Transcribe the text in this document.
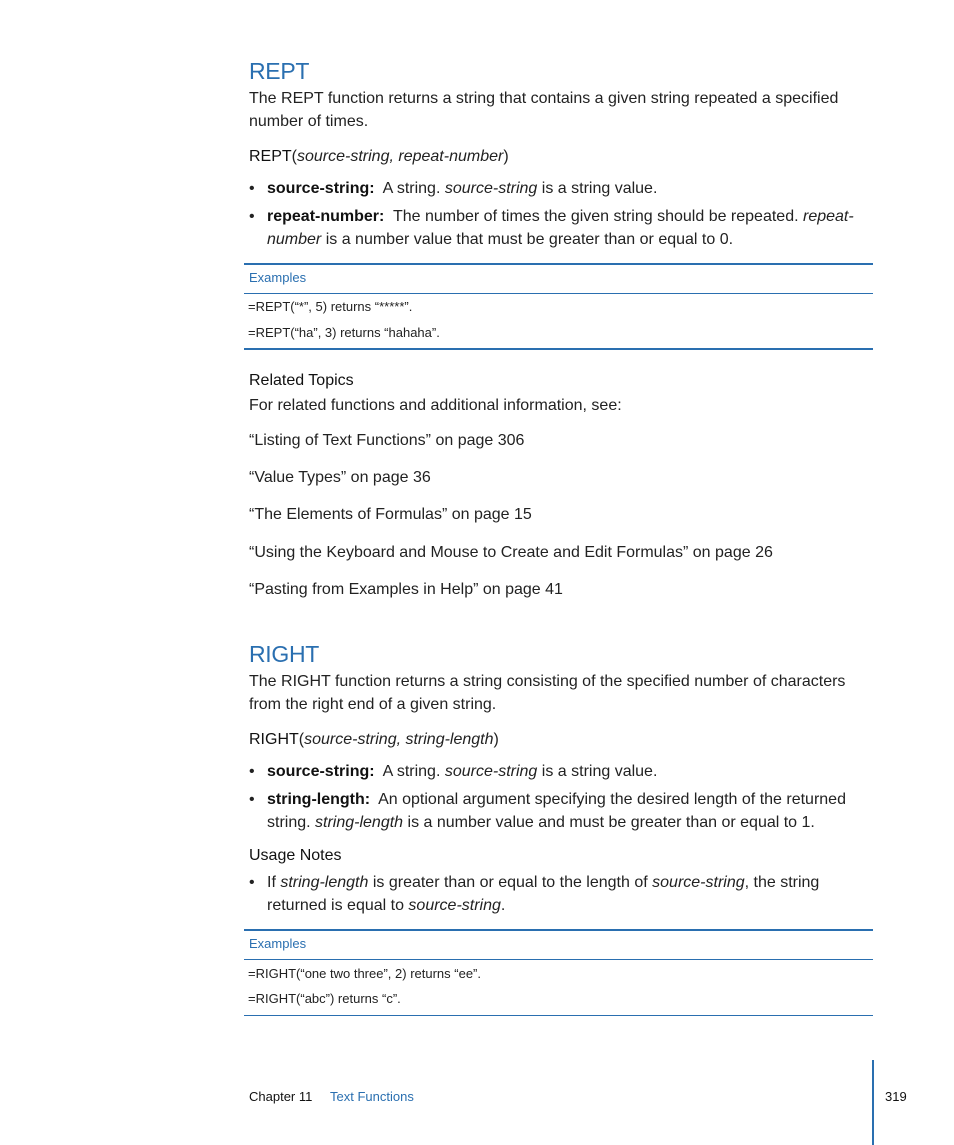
REPT
The REPT function returns a string that contains a given string repeated a specified
number of times.
REPT(source-string, repeat-number)
• source-string: A string. source-string is a string value.
• repeat-number: The number of times the given string should be repeated. repeat-
number is a number value that must be greater than or equal to 0.
Examples
=REPT(“*”, 5) returns “*****”.
=REPT(“ha”, 3) returns “hahaha”.
Related Topics
For related functions and additional information, see:
“Listing of Text Functions” on page 306
“Value Types” on page 36
“The Elements of Formulas” on page 15
“Using the Keyboard and Mouse to Create and Edit Formulas” on page 26
“Pasting from Examples in Help” on page 41
RIGHT
The RIGHT function returns a string consisting of the specified number of characters
from the right end of a given string.
RIGHT(source-string, string-length)
• source-string: A string. source-string is a string value.
• string-length: An optional argument specifying the desired length of the returned
string. string-length is a number value and must be greater than or equal to 1.
Usage Notes
• If string-length is greater than or equal to the length of source-string, the string
returned is equal to source-string.
Examples
=RIGHT(“one two three”, 2) returns “ee”.
=RIGHT(“abc”) returns “c”.
Chapter 11 Text Functions	319
